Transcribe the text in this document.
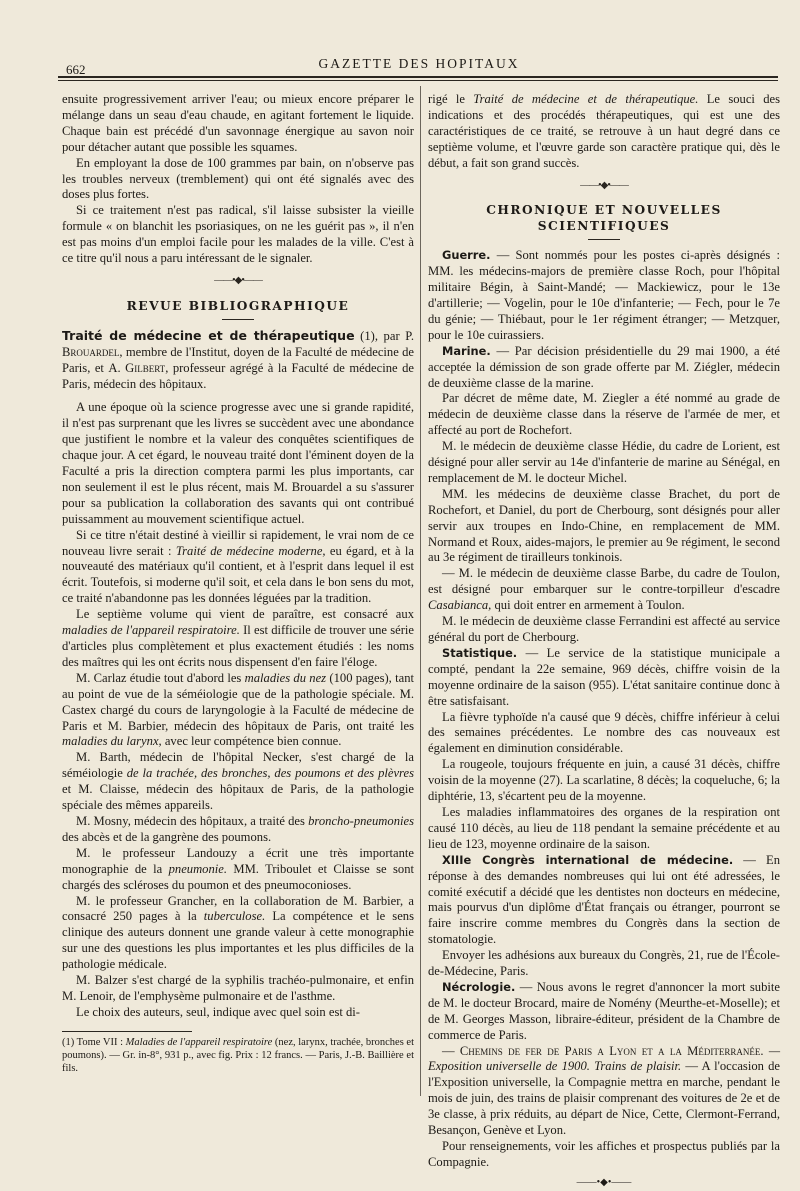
662	GAZETTE DES HOPITAUX

ensuite progressivement arriver l'eau; ou mieux encore préparer le mélange dans un seau d'eau chaude, en agitant fortement le liquide. Chaque bain est précédé d'un savonnage énergique au savon noir pour détacher autant que possible les squames.

En employant la dose de 100 grammes par bain, on n'observe pas les troubles nerveux (tremblement) qui ont été signalés avec des doses plus fortes.

Si ce traitement n'est pas radical, s'il laisse subsister la vieille formule « on blanchit les psoriasiques, on ne les guérit pas », il n'en est pas moins d'un emploi facile pour les malades de la ville. C'est à ce titre qu'il nous a paru intéressant de le signaler.

——•◆•——
REVUE BIBLIOGRAPHIQUE

Traité de médecine et de thérapeutique (1), par P. Brouardel, membre de l'Institut, doyen de la Faculté de médecine de Paris, et A. Gilbert, professeur agrégé à la Faculté de médecine de Paris, médecin des hôpitaux.

A une époque où la science progresse avec une si grande rapidité, il n'est pas surprenant que les livres se succèdent avec une abondance que justifient le nombre et la valeur des conquêtes scientifiques de chaque jour. A cet égard, le nouveau traité dont l'éminent doyen de la Faculté a pris la direction comptera parmi les plus importants, car non seulement il est le plus récent, mais M. Brouardel a su s'assurer pour sa publication la collaboration des savants qui ont contribué puissamment au mouvement scientifique actuel.

Si ce titre n'était destiné à vieillir si rapidement, le vrai nom de ce nouveau livre serait : Traité de médecine moderne, eu égard, et à la nouveauté des matériaux qu'il contient, et à l'esprit dans lequel il est écrit. Toutefois, si moderne qu'il soit, et cela dans le bon sens du mot, ce traité n'abandonne pas les données léguées par la tradition.

Le septième volume qui vient de paraître, est consacré aux maladies de l'appareil respiratoire. Il est difficile de trouver une série d'articles plus complètement et plus exactement étudiés : les noms des maîtres qui les ont écrits nous dispensent d'en faire l'éloge.

M. Carlaz étudie tout d'abord les maladies du nez (100 pages), tant au point de vue de la séméiologie que de la pathologie spéciale. M. Castex chargé du cours de laryngologie à la Faculté de médecine de Paris et M. Barbier, médecin des hôpitaux de Paris, ont traité les maladies du larynx, avec leur compétence bien connue.

M. Barth, médecin de l'hôpital Necker, s'est chargé de la séméiologie de la trachée, des bronches, des poumons et des plèvres et M. Claisse, médecin des hôpitaux de Paris, de la pathologie spéciale des mêmes appareils.

M. Mosny, médecin des hôpitaux, a traité des broncho-pneumonies des abcès et de la gangrène des poumons.

M. le professeur Landouzy a écrit une très importante monographie de la pneumonie. MM. Triboulet et Claisse se sont chargés des scléroses du poumon et des pneumoconioses.

M. le professeur Grancher, en la collaboration de M. Barbier, a consacré 250 pages à la tuberculose. La compétence et le sens clinique des auteurs donnent une grande valeur à cette monographie sur une des questions les plus importantes et les plus difficiles de la pathologie médicale.

M. Balzer s'est chargé de la syphilis trachéo-pulmonaire, et enfin M. Lenoir, de l'emphysème pulmonaire et de l'asthme.

Le choix des auteurs, seul, indique avec quel soin est di-

(1) Tome VII : Maladies de l'appareil respiratoire (nez, larynx, trachée, bronches et poumons). — Gr. in-8°, 931 p., avec fig. Prix : 12 francs. — Paris, J.-B. Baillière et fils.

rigé le Traité de médecine et de thérapeutique. Le souci des indications et des procédés thérapeutiques, qui est une des caractéristiques de ce traité, se retrouve à un haut degré dans ce septième volume, et l'œuvre garde son caractère pratique qui, dès le début, a fait son grand succès.

——•◆•——
CHRONIQUE ET NOUVELLES SCIENTIFIQUES

Guerre. — Sont nommés pour les postes ci-après désignés : MM. les médecins-majors de première classe Roch, pour l'hôpital militaire Bégin, à Saint-Mandé; — Mackiewicz, pour le 13e d'artillerie; — Vogelin, pour le 10e d'infanterie; — Fech, pour le 7e du génie; — Thiébaut, pour le 1er régiment étranger; — Metzquer, pour le 10e cuirassiers.

Marine. — Par décision présidentielle du 29 mai 1900, a été acceptée la démission de son grade offerte par M. Ziégler, médecin de deuxième classe de la marine.

Par décret de même date, M. Ziegler a été nommé au grade de médecin de deuxième classe dans la réserve de l'armée de mer, et affecté au port de Rochefort.

M. le médecin de deuxième classe Hédie, du cadre de Lorient, est désigné pour aller servir au 14e d'infanterie de marine au Sénégal, en remplacement de M. le docteur Michel.

MM. les médecins de deuxième classe Brachet, du port de Rochefort, et Daniel, du port de Cherbourg, sont désignés pour aller servir aux troupes en Indo-Chine, en remplacement de MM. Normand et Roux, aides-majors, le premier au 9e régiment, le second au 3e régiment de tirailleurs tonkinois.

— M. le médecin de deuxième classe Barbe, du cadre de Toulon, est désigné pour embarquer sur le contre-torpilleur d'escadre Casabianca, qui doit entrer en armement à Toulon.

M. le médecin de deuxième classe Ferrandini est affecté au service général du port de Cherbourg.

Statistique. — Le service de la statistique municipale a compté, pendant la 22e semaine, 969 décès, chiffre voisin de la moyenne ordinaire de la saison (955). L'état sanitaire continue donc à être satisfaisant.

La fièvre typhoïde n'a causé que 9 décès, chiffre inférieur à celui des semaines précédentes. Le nombre des cas nouveaux est également en diminution considérable.

La rougeole, toujours fréquente en juin, a causé 31 décès, chiffre voisin de la moyenne (27). La scarlatine, 8 décès; la coqueluche, 6; la diphtérie, 13, s'écartent peu de la moyenne.

Les maladies inflammatoires des organes de la respiration ont causé 110 décès, au lieu de 118 pendant la semaine précédente et au lieu de 123, moyenne ordinaire de la saison.

XIIIe Congrès international de médecine. — En réponse à des demandes nombreuses qui lui ont été adressées, le comité exécutif a décidé que les dentistes non docteurs en médecine, mais pourvus d'un diplôme d'État français ou étranger, pourront se faire inscrire comme membres du Congrès dans la section de stomatologie.

Envoyer les adhésions aux bureaux du Congrès, 21, rue de l'École-de-Médecine, Paris.

Nécrologie. — Nous avons le regret d'annoncer la mort subite de M. le docteur Brocard, maire de Nomény (Meurthe-et-Moselle); et de M. Georges Masson, libraire-éditeur, président de la Chambre de commerce de Paris.

— Chemins de fer de Paris a Lyon et a la Méditerranée. — Exposition universelle de 1900. Trains de plaisir. — A l'occasion de l'Exposition universelle, la Compagnie mettra en marche, pendant le mois de juin, des trains de plaisir comprenant des voitures de 2e et de 3e classe, à prix réduits, au départ de Nice, Cette, Clermont-Ferrand, Besançon, Genève et Lyon.

Pour renseignements, voir les affiches et prospectus publiés par la Compagnie.

——•◆•——
